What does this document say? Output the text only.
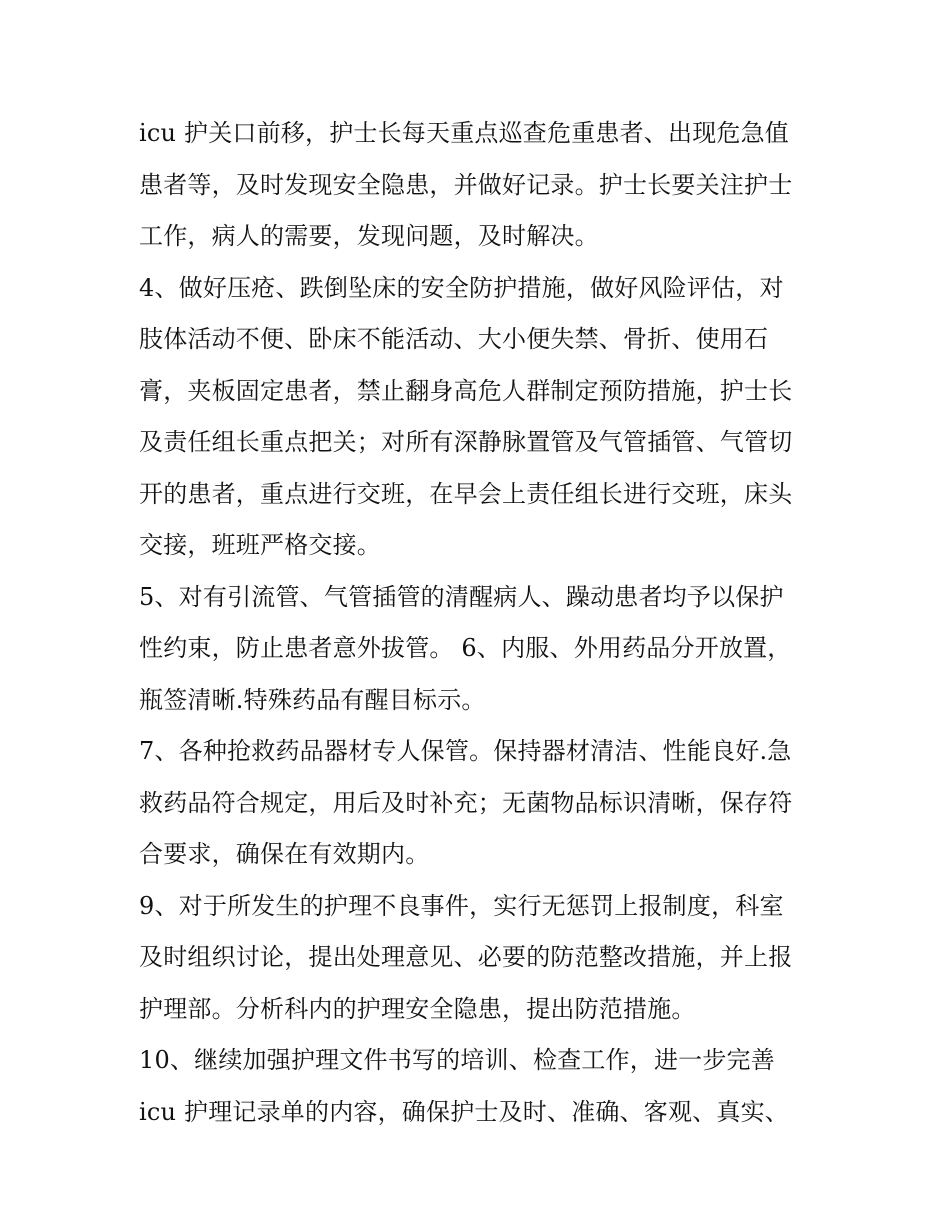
icu 护关口前移，护士长每天重点巡查危重患者、出现危急值
患者等，及时发现安全隐患，并做好记录。护士长要关注护士
工作，病人的需要，发现问题，及时解决。
4、做好压疮、跌倒坠床的安全防护措施，做好风险评估，对
肢体活动不便、卧床不能活动、大小便失禁、骨折、使用石
膏，夹板固定患者，禁止翻身高危人群制定预防措施，护士长
及责任组长重点把关；对所有深静脉置管及气管插管、气管切
开的患者，重点进行交班，在早会上责任组长进行交班，床头
交接，班班严格交接。
5、对有引流管、气管插管的清醒病人、躁动患者均予以保护
性约束，防止患者意外拔管。 6、内服、外用药品分开放置，
瓶签清晰.特殊药品有醒目标示。
7、各种抢救药品器材专人保管。保持器材清洁、性能良好.急
救药品符合规定，用后及时补充；无菌物品标识清晰，保存符
合要求，确保在有效期内。
9、对于所发生的护理不良事件，实行无惩罚上报制度，科室
及时组织讨论，提出处理意见、必要的防范整改措施，并上报
护理部。分析科内的护理安全隐患，提出防范措施。
10、继续加强护理文件书写的培训、检查工作，进一步完善
icu 护理记录单的内容，确保护士及时、准确、客观、真实、
